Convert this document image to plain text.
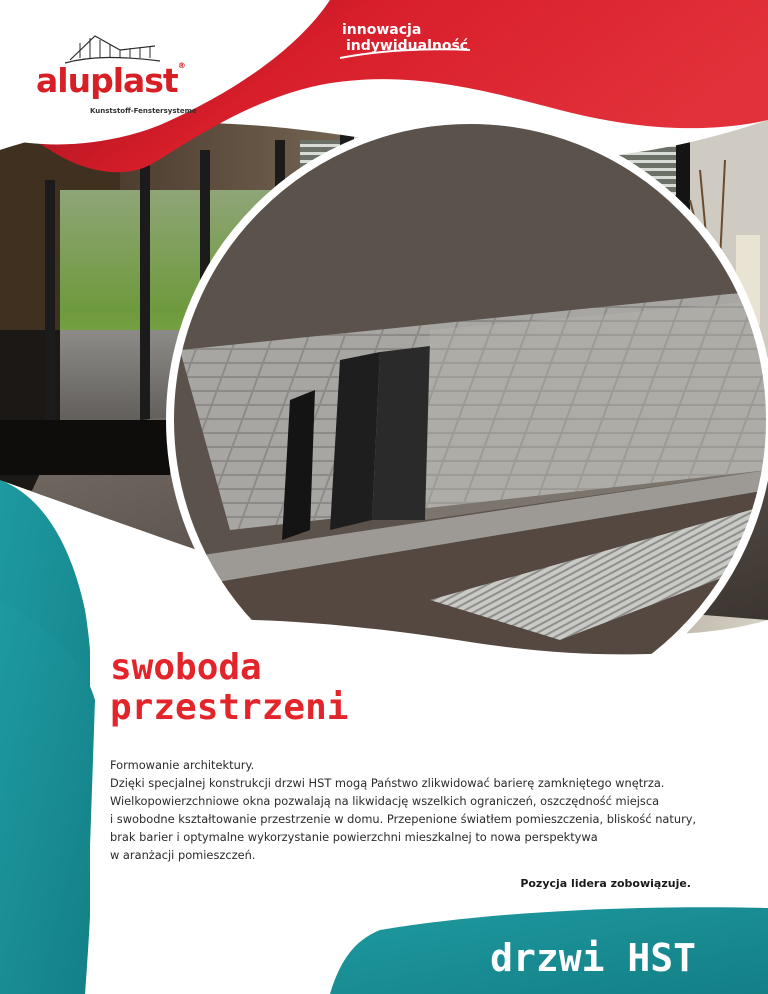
aluplast®
Kunststoff-Fenstersysteme
innowacja
indywidualność
swoboda
przestrzeni
Formowanie architektury.
Dzięki specjalnej konstrukcji drzwi HST mogą Państwo zlikwidować barierę zamkniętego wnętrza.
Wielkopowierzchniowe okna pozwalają na likwidację wszelkich ograniczeń, oszczędność miejsca
i swobodne kształtowanie przestrzenie w domu. Przepenione światłem pomieszczenia, bliskość natury,
brak barier i optymalne wykorzystanie powierzchni mieszkalnej to nowa perspektywa
w aranżacji pomieszczeń.
Pozycja lidera zobowiązuje.
drzwi HST
